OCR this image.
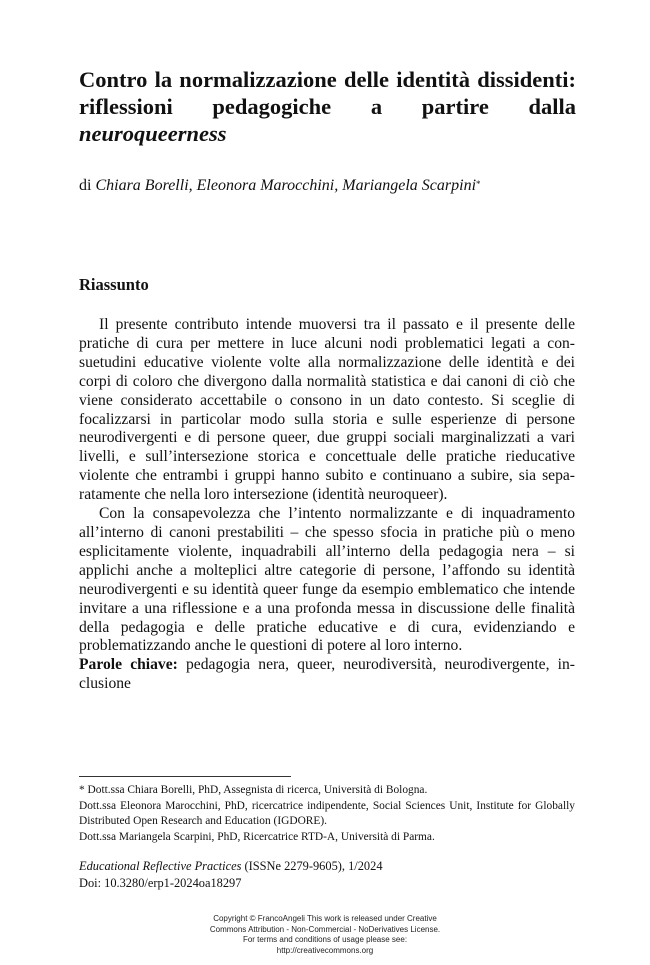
Contro la normalizzazione delle identità dissidenti: riflessioni pedagogiche a partire dalla neuroqueerness
di Chiara Borelli, Eleonora Marocchini, Mariangela Scarpini*
Riassunto

Il presente contributo intende muoversi tra il passato e il presente delle pratiche di cura per mettere in luce alcuni nodi problematici legati a consuetudini educative violente volte alla normalizzazione delle identità e dei corpi di coloro che divergono dalla normalità statistica e dai canoni di ciò che viene considerato accettabile o consono in un dato contesto. Si sceglie di focalizzarsi in particolar modo sulla storia e sulle esperienze di persone neurodivergenti e di persone queer, due gruppi sociali marginalizzati a vari livelli, e sull’intersezione storica e concettuale delle pratiche rieducative violente che entrambi i gruppi hanno subito e continuano a subire, sia separatamente che nella loro intersezione (identità neuroqueer).

Con la consapevolezza che l’intento normalizzante e di inquadramento all’interno di canoni prestabiliti – che spesso sfocia in pratiche più o meno esplicitamente violente, inquadrabili all’interno della pedagogia nera – si applichi anche a molteplici altre categorie di persone, l’affondo su identità neurodivergenti e su identità queer funge da esempio emblematico che intende invitare a una riflessione e a una profonda messa in discussione delle finalità della pedagogia e delle pratiche educative e di cura, evidenziando e problematizzando anche le questioni di potere al loro interno.

Parole chiave: pedagogia nera, queer, neurodiversità, neurodivergente, inclusione

* Dott.ssa Chiara Borelli, PhD, Assegnista di ricerca, Università di Bologna.

Dott.ssa Eleonora Marocchini, PhD, ricercatrice indipendente, Social Sciences Unit, Institute for Globally Distributed Open Research and Education (IGDORE).

Dott.ssa Mariangela Scarpini, PhD, Ricercatrice RTD-A, Università di Parma.

Educational Reflective Practices (ISSNe 2279-9605), 1/2024
Doi: 10.3280/erp1-2024oa18297
Copyright © FrancoAngeli This work is released under Creative
Commons Attribution - Non-Commercial - NoDerivatives License.
For terms and conditions of usage please see:
http://creativecommons.org
